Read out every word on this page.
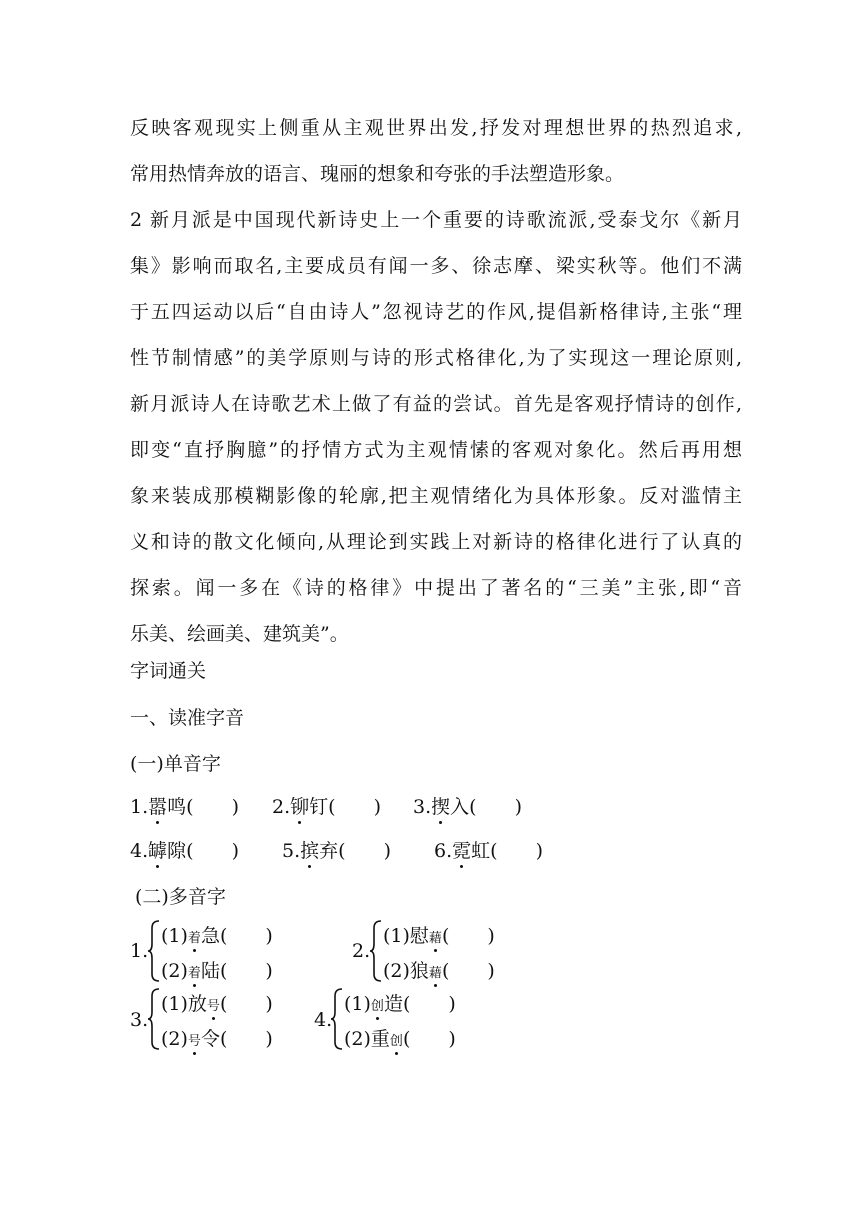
反映客观现实上侧重从主观世界出发,抒发对理想世界的热烈追求,
常用热情奔放的语言、瑰丽的想象和夸张的手法塑造形象。
2 新月派是中国现代新诗史上一个重要的诗歌流派,受泰戈尔《新月
集》影响而取名,主要成员有闻一多、徐志摩、梁实秋等。他们不满
于五四运动以后“自由诗人”忽视诗艺的作风,提倡新格律诗,主张“理
性节制情感”的美学原则与诗的形式格律化,为了实现这一理论原则,
新月派诗人在诗歌艺术上做了有益的尝试。首先是客观抒情诗的创作,
即变“直抒胸臆”的抒情方式为主观情愫的客观对象化。然后再用想
象来装成那模糊影像的轮廓,把主观情绪化为具体形象。反对滥情主
义和诗的散文化倾向,从理论到实践上对新诗的格律化进行了认真的
探索。闻一多在《诗的格律》中提出了著名的“三美”主张,即“音
乐美、绘画美、建筑美”。
字词通关
一、读准字音
(一)单音字
1.嚣鸣(　　) 2.铆钉(　　) 3.揳入(　　)
4.罅隙(　　) 5.摈弃(　　) 6.霓虹(　　)
(二)多音字
1.
(1)着急(　　)
(2)着陆(　　)
2.
(1)慰藉(　　)
(2)狼藉(　　)
3.
(1)放号(　　)
(2)号令(　　)
4.
(1)创造(　　)
(2)重创(　　)
